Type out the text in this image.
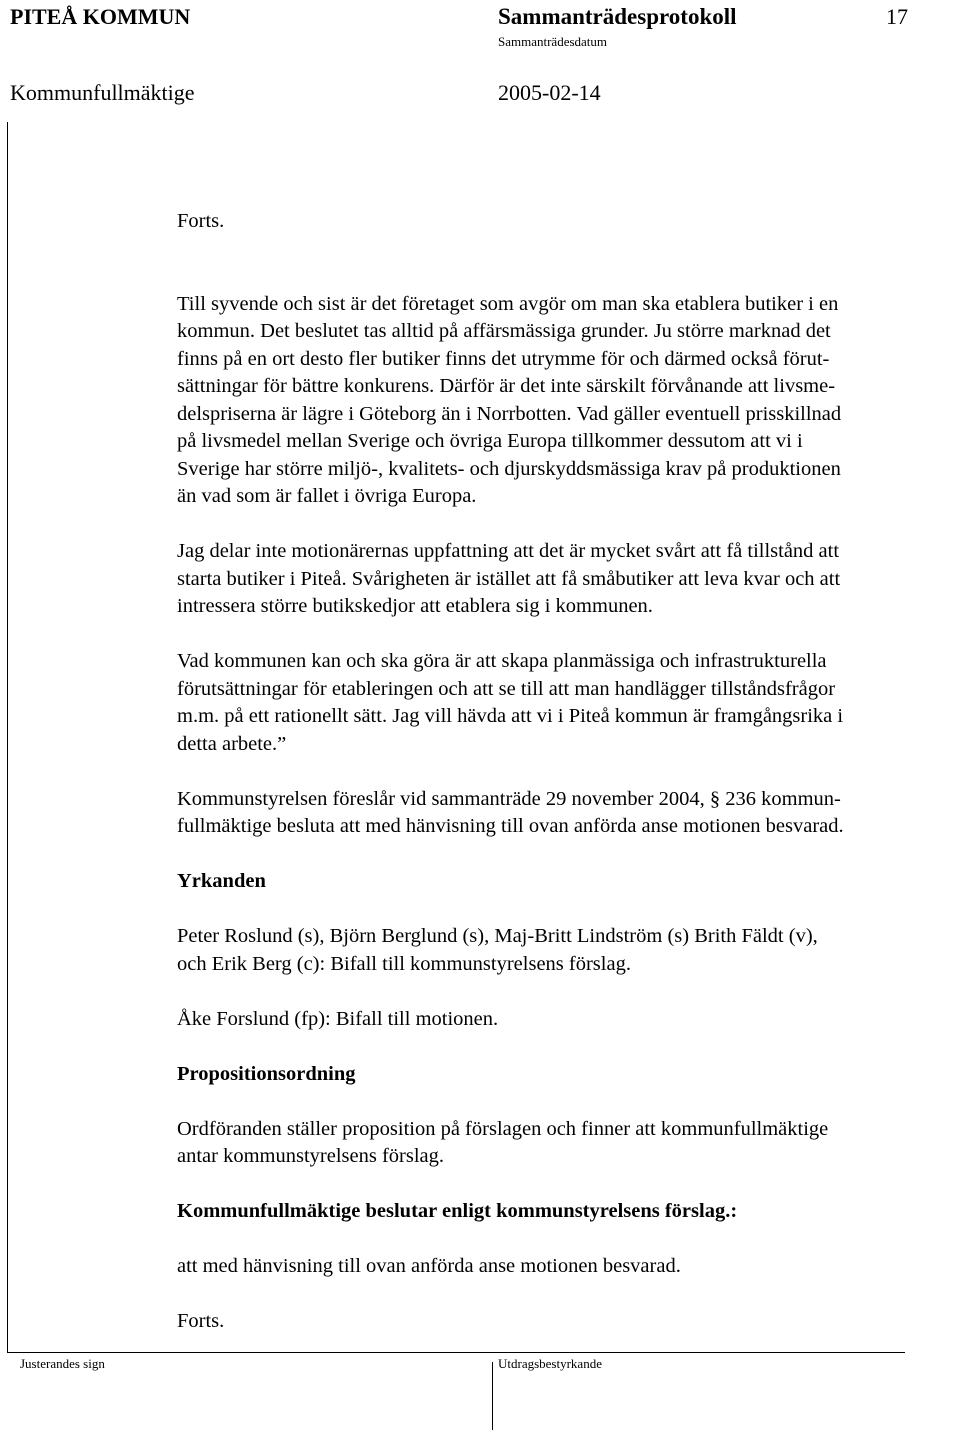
PITEÅ KOMMUN	Sammanträdesprotokoll	17
Sammanträdesdatum
Kommunfullmäktige	2005-02-14

Forts.

Till syvende och sist är det företaget som avgör om man ska etablera butiker i en
kommun. Det beslutet tas alltid på affärsmässiga grunder. Ju större marknad det
finns på en ort desto fler butiker finns det utrymme för och därmed också förut-
sättningar för bättre konkurens. Därför är det inte särskilt förvånande att livsme-
delspriserna är lägre i Göteborg än i Norrbotten. Vad gäller eventuell prisskillnad
på livsmedel mellan Sverige och övriga Europa tillkommer dessutom att vi i
Sverige har större miljö-, kvalitets- och djurskyddsmässiga krav på produktionen
än vad som är fallet i övriga Europa.

Jag delar inte motionärernas uppfattning att det är mycket svårt att få tillstånd att
starta butiker i Piteå. Svårigheten är istället att få småbutiker att leva kvar och att
intressera större butikskedjor att etablera sig i kommunen.

Vad kommunen kan och ska göra är att skapa planmässiga och infrastrukturella
förutsättningar för etableringen och att se till att man handlägger tillståndsfrågor
m.m. på ett rationellt sätt. Jag vill hävda att vi i Piteå kommun är framgångsrika i
detta arbete.”

Kommunstyrelsen föreslår vid sammanträde 29 november 2004, § 236 kommun-
fullmäktige besluta att med hänvisning till ovan anförda anse motionen besvarad.

Yrkanden

Peter Roslund (s), Björn Berglund (s), Maj-Britt Lindström (s) Brith Fäldt (v),
och Erik Berg (c): Bifall till kommunstyrelsens förslag.

Åke Forslund (fp): Bifall till motionen.

Propositionsordning

Ordföranden ställer proposition på förslagen och finner att kommunfullmäktige
antar kommunstyrelsens förslag.

Kommunfullmäktige beslutar enligt kommunstyrelsens förslag.:

att med hänvisning till ovan anförda anse motionen besvarad.

Forts.

Justerandes sign	Utdragsbestyrkande
